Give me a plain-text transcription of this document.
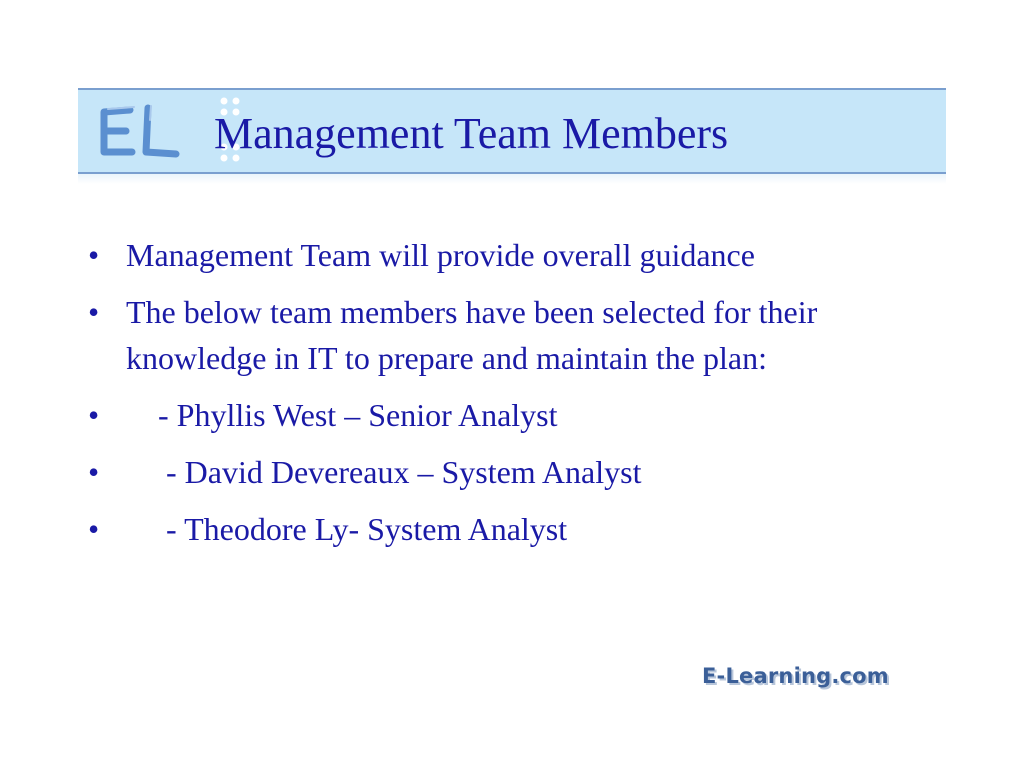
Management Team Members
• Management Team will provide overall guidance
• The below team members have been selected for their knowledge in IT to prepare and maintain the plan:
• - Phyllis West – Senior Analyst
• - David Devereaux – System Analyst
• - Theodore Ly- System Analyst
E-Learning.com
